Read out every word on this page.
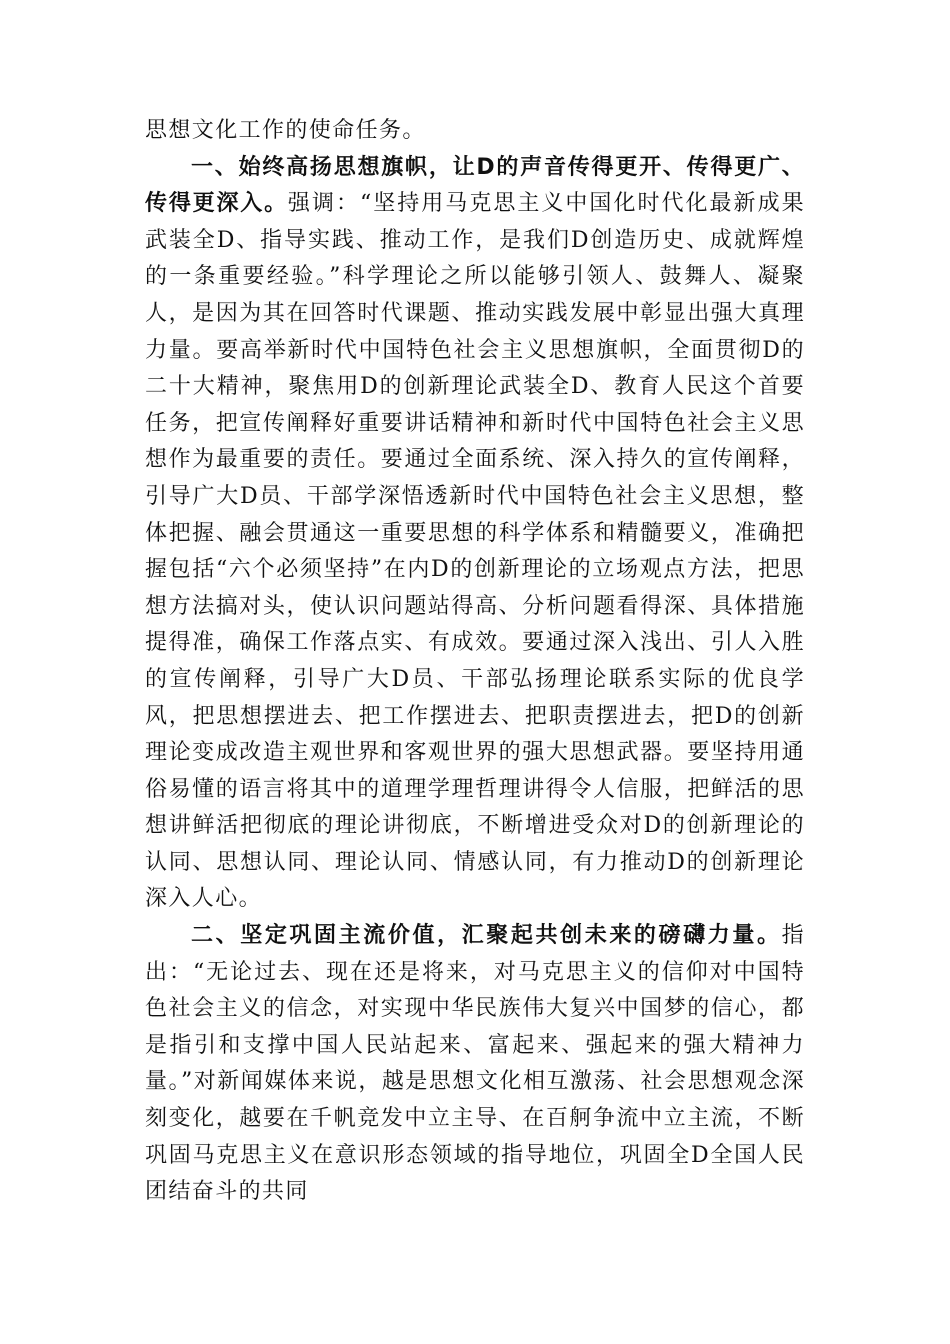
思想文化工作的使命任务。

一、始终高扬思想旗帜，让D的声音传得更开、传得更广、传得更深入。强调：“坚持用马克思主义中国化时代化最新成果武装全D、指导实践、推动工作，是我们D创造历史、成就辉煌的一条重要经验。”科学理论之所以能够引领人、鼓舞人、凝聚人，是因为其在回答时代课题、推动实践发展中彰显出强大真理力量。要高举新时代中国特色社会主义思想旗帜，全面贯彻D的二十大精神，聚焦用D的创新理论武装全D、教育人民这个首要任务，把宣传阐释好重要讲话精神和新时代中国特色社会主义思想作为最重要的责任。要通过全面系统、深入持久的宣传阐释，引导广大D员、干部学深悟透新时代中国特色社会主义思想，整体把握、融会贯通这一重要思想的科学体系和精髓要义，准确把握包括“六个必须坚持”在内D的创新理论的立场观点方法，把思想方法搞对头，使认识问题站得高、分析问题看得深、具体措施提得准，确保工作落点实、有成效。要通过深入浅出、引人入胜的宣传阐释，引导广大D员、干部弘扬理论联系实际的优良学风，把思想摆进去、把工作摆进去、把职责摆进去，把D的创新理论变成改造主观世界和客观世界的强大思想武器。要坚持用通俗易懂的语言将其中的道理学理哲理讲得令人信服，把鲜活的思想讲鲜活把彻底的理论讲彻底，不断增进受众对D的创新理论的认同、思想认同、理论认同、情感认同，有力推动D的创新理论深入人心。

二、坚定巩固主流价值，汇聚起共创未来的磅礴力量。指出：“无论过去、现在还是将来，对马克思主义的信仰对中国特色社会主义的信念，对实现中华民族伟大复兴中国梦的信心，都是指引和支撑中国人民站起来、富起来、强起来的强大精神力量。”对新闻媒体来说，越是思想文化相互激荡、社会思想观念深刻变化，越要在千帆竞发中立主导、在百舸争流中立主流，不断巩固马克思主义在意识形态领域的指导地位，巩固全D全国人民团结奋斗的共同
